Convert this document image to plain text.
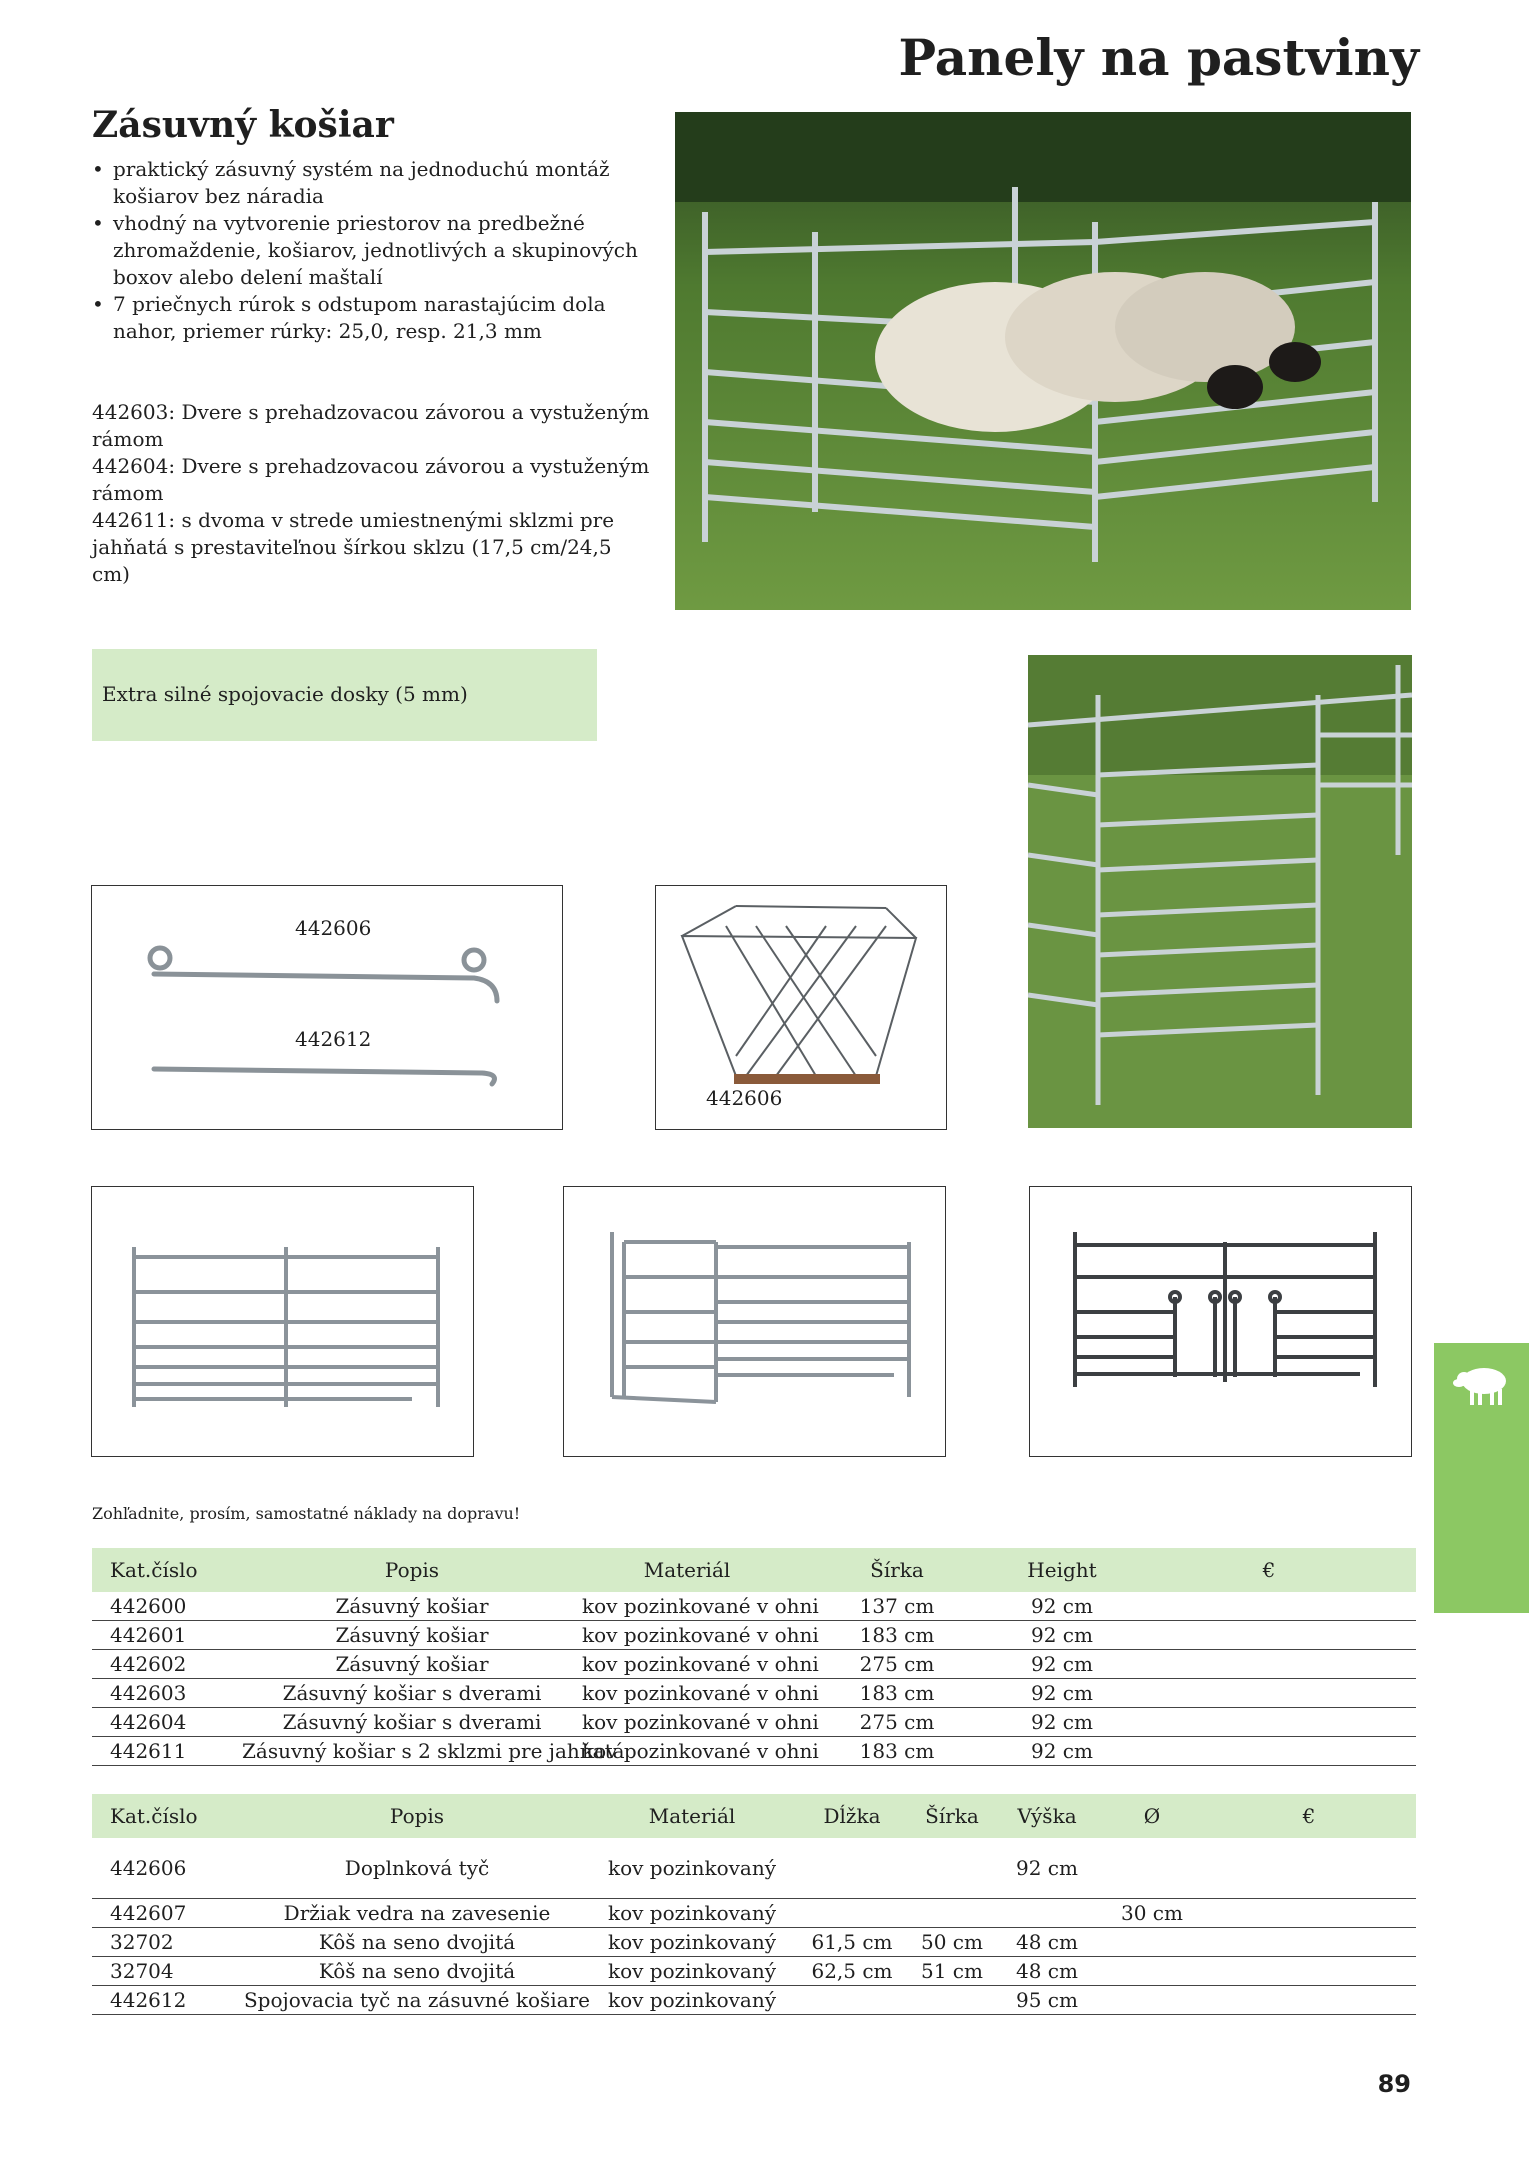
Panely na pastviny
Zásuvný košiar
• praktický zásuvný systém na jednoduchú montáž košiarov bez náradia
• vhodný na vytvorenie priestorov na predbežné zhromaždenie, košiarov, jednotlivých a skupinových boxov alebo delení maštalí
• 7 priečnych rúrok s odstupom narastajúcim dola nahor, priemer rúrky: 25,0, resp. 21,3 mm
442603: Dvere s prehadzovacou závorou a vystuženým rámom
442604: Dvere s prehadzovacou závorou a vystuženým rámom
442611: s dvoma v strede umiestnenými sklzmi pre jahňatá s prestaviteľnou šírkou sklzu (17,5 cm/24,5 cm)
Extra silné spojovacie dosky (5 mm)
442606
442612
442606
Zohľadnite, prosím, samostatné náklady na dopravu!
Kat.číslo	Popis	Materiál	Šírka	Height	€
442600	Zásuvný košiar	kov pozinkované v ohni	137 cm	92 cm	
442601	Zásuvný košiar	kov pozinkované v ohni	183 cm	92 cm	
442602	Zásuvný košiar	kov pozinkované v ohni	275 cm	92 cm	
442603	Zásuvný košiar s dverami	kov pozinkované v ohni	183 cm	92 cm	
442604	Zásuvný košiar s dverami	kov pozinkované v ohni	275 cm	92 cm	
442611	Zásuvný košiar s 2 sklzmi pre jahňatá	kov pozinkované v ohni	183 cm	92 cm	
Kat.číslo	Popis	Materiál	Dĺžka	Šírka	Výška	Ø	€
442606	Doplnková tyč	kov pozinkovaný			92 cm		
442607	Držiak vedra na zavesenie	kov pozinkovaný				30 cm	
32702	Kôš na seno dvojitá	kov pozinkovaný	61,5 cm	50 cm	48 cm		
32704	Kôš na seno dvojitá	kov pozinkovaný	62,5 cm	51 cm	48 cm		
442612	Spojovacia tyč na zásuvné košiare	kov pozinkovaný			95 cm		
89
